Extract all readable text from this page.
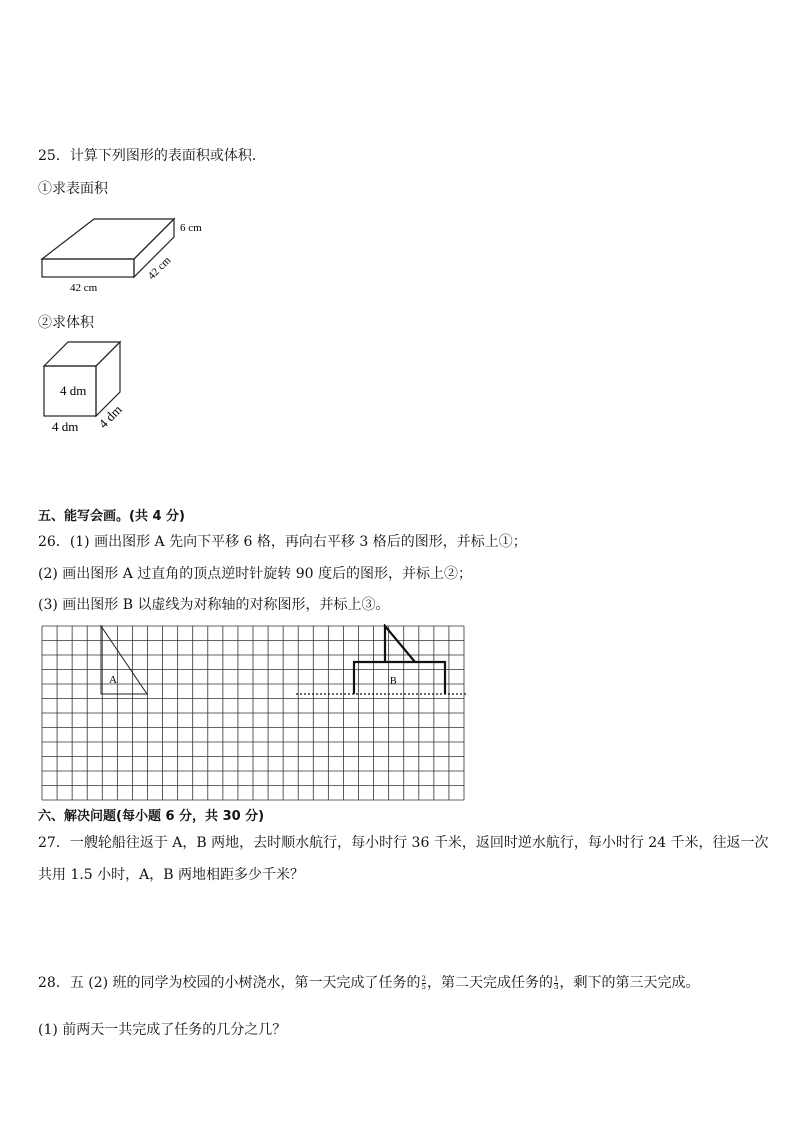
25．计算下列图形的表面积或体积．
①求表面积
6 cm
42 cm
42 cm
②求体积
4 dm
4 dm 4 dm
五、能写会画。(共 4 分)
26．(1) 画出图形 A 先向下平移 6 格，再向右平移 3 格后的图形，并标上①；
(2) 画出图形 A 过直角的顶点逆时针旋转 90 度后的图形，并标上②；
(3) 画出图形 B 以虚线为对称轴的对称图形，并标上③。
A	B
六、解决问题(每小题 6 分，共 30 分)
27．一艘轮船往返于 A，B 两地，去时顺水航行，每小时行 36 千米，返回时逆水航行，每小时行 24 千米，往返一次
共用 1.5 小时，A，B 两地相距多少千米？
28．五 (2) 班的同学为校园的小树浇水，第一天完成了任务的 $\frac{2}{5}$ ，第二天完成任务的 $\frac{1}{3}$ ，剩下的第三天完成。
(1) 前两天一共完成了任务的几分之几？
